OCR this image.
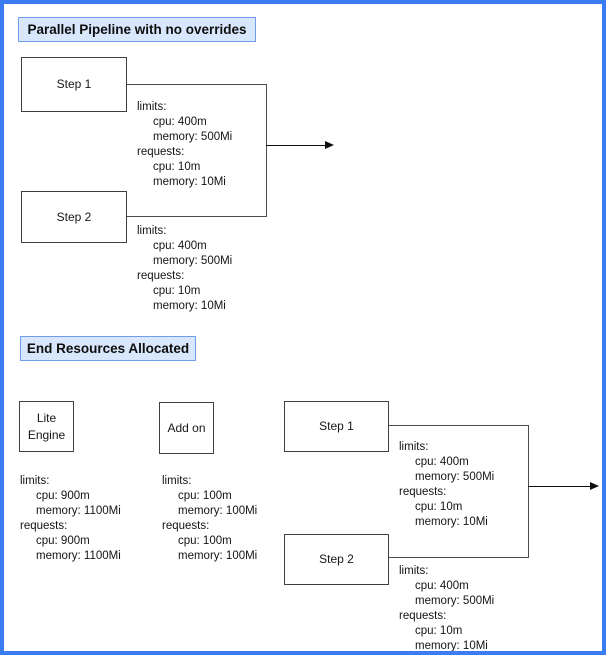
Parallel Pipeline with no overrides
Step 1
Step 2
limits:
cpu: 400m
memory: 500Mi
requests:
cpu: 10m
memory: 10Mi
limits:
cpu: 400m
memory: 500Mi
requests:
cpu: 10m
memory: 10Mi
End Resources Allocated
Lite
Engine	Add on	Step 1
Step 2
limits:
cpu: 900m
memory: 1100Mi
requests:
cpu: 900m
memory: 1100Mi
limits:
cpu: 100m
memory: 100Mi
requests:
cpu: 100m
memory: 100Mi
limits:
cpu: 400m
memory: 500Mi
requests:
cpu: 10m
memory: 10Mi
limits:
cpu: 400m
memory: 500Mi
requests:
cpu: 10m
memory: 10Mi
